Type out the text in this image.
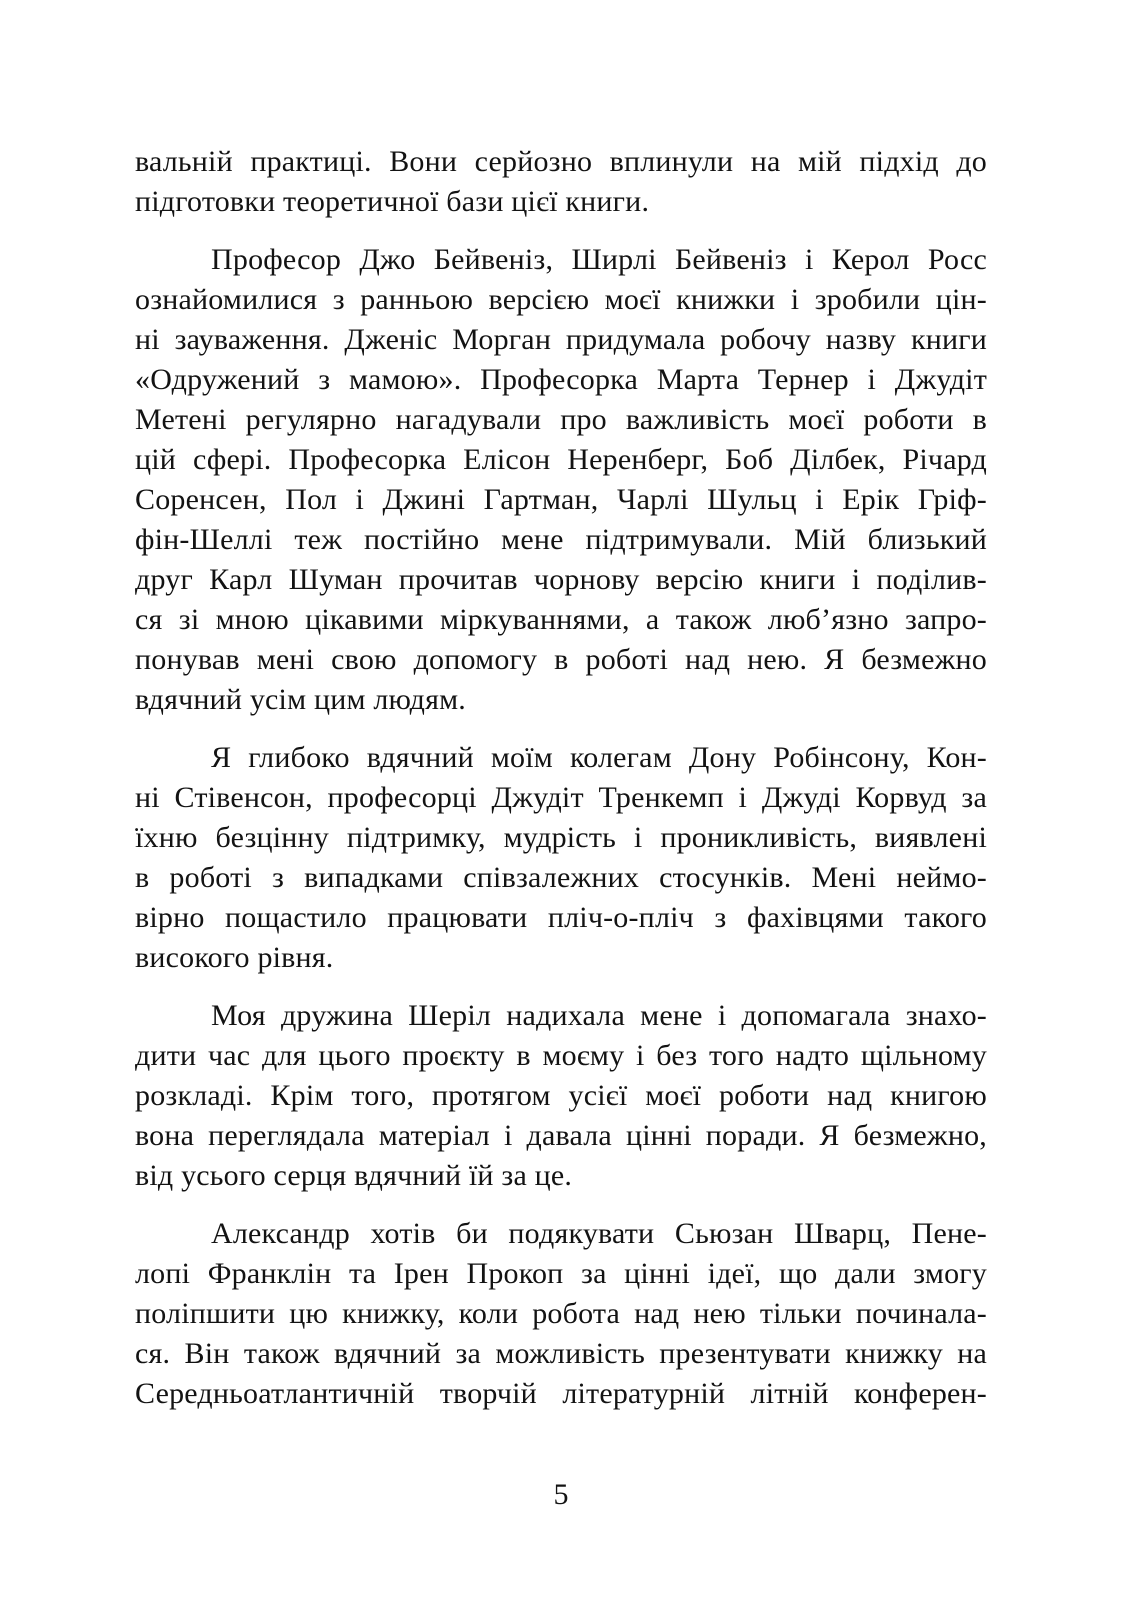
вальній практиці. Вони серйозно вплинули на мій підхід до
підготовки теоретичної бази цієї книги.
Професор Джо Бейвеніз, Ширлі Бейвеніз і Керол Росс
ознайомилися з ранньою версією моєї книжки і зробили цін-
ні зауваження. Дженіс Морган придумала робочу назву книги
«Одружений з мамою». Професорка Марта Тернер і Джудіт
Метені регулярно нагадували про важливість моєї роботи в
цій сфері. Професорка Елісон Неренберг, Боб Ділбек, Річард
Соренсен, Пол і Джині Гартман, Чарлі Шульц і Ерік Гріф-
фін-Шеллі теж постійно мене підтримували. Мій близький
друг Карл Шуман прочитав чорнову версію книги і поділив-
ся зі мною цікавими міркуваннями, а також люб’язно запро-
понував мені свою допомогу в роботі над нею. Я безмежно
вдячний усім цим людям.
Я глибоко вдячний моїм колегам Дону Робінсону, Кон-
ні Стівенсон, професорці Джудіт Тренкемп і Джуді Корвуд за
їхню безцінну підтримку, мудрість і проникливість, виявлені
в роботі з випадками співзалежних стосунків. Мені неймо-
вірно пощастило працювати пліч-о-пліч з фахівцями такого
високого рівня.
Моя дружина Шеріл надихала мене і допомагала знахо-
дити час для цього проєкту в моєму і без того надто щільному
розкладі. Крім того, протягом усієї моєї роботи над книгою
вона переглядала матеріал і давала цінні поради. Я безмежно,
від усього серця вдячний їй за це.
Александр хотів би подякувати Сьюзан Шварц, Пене-
лопі Франклін та Ірен Прокоп за цінні ідеї, що дали змогу
поліпшити цю книжку, коли робота над нею тільки починала-
ся. Він також вдячний за можливість презентувати книжку на
Середньоатлантичній творчій літературній літній конферен-
5
